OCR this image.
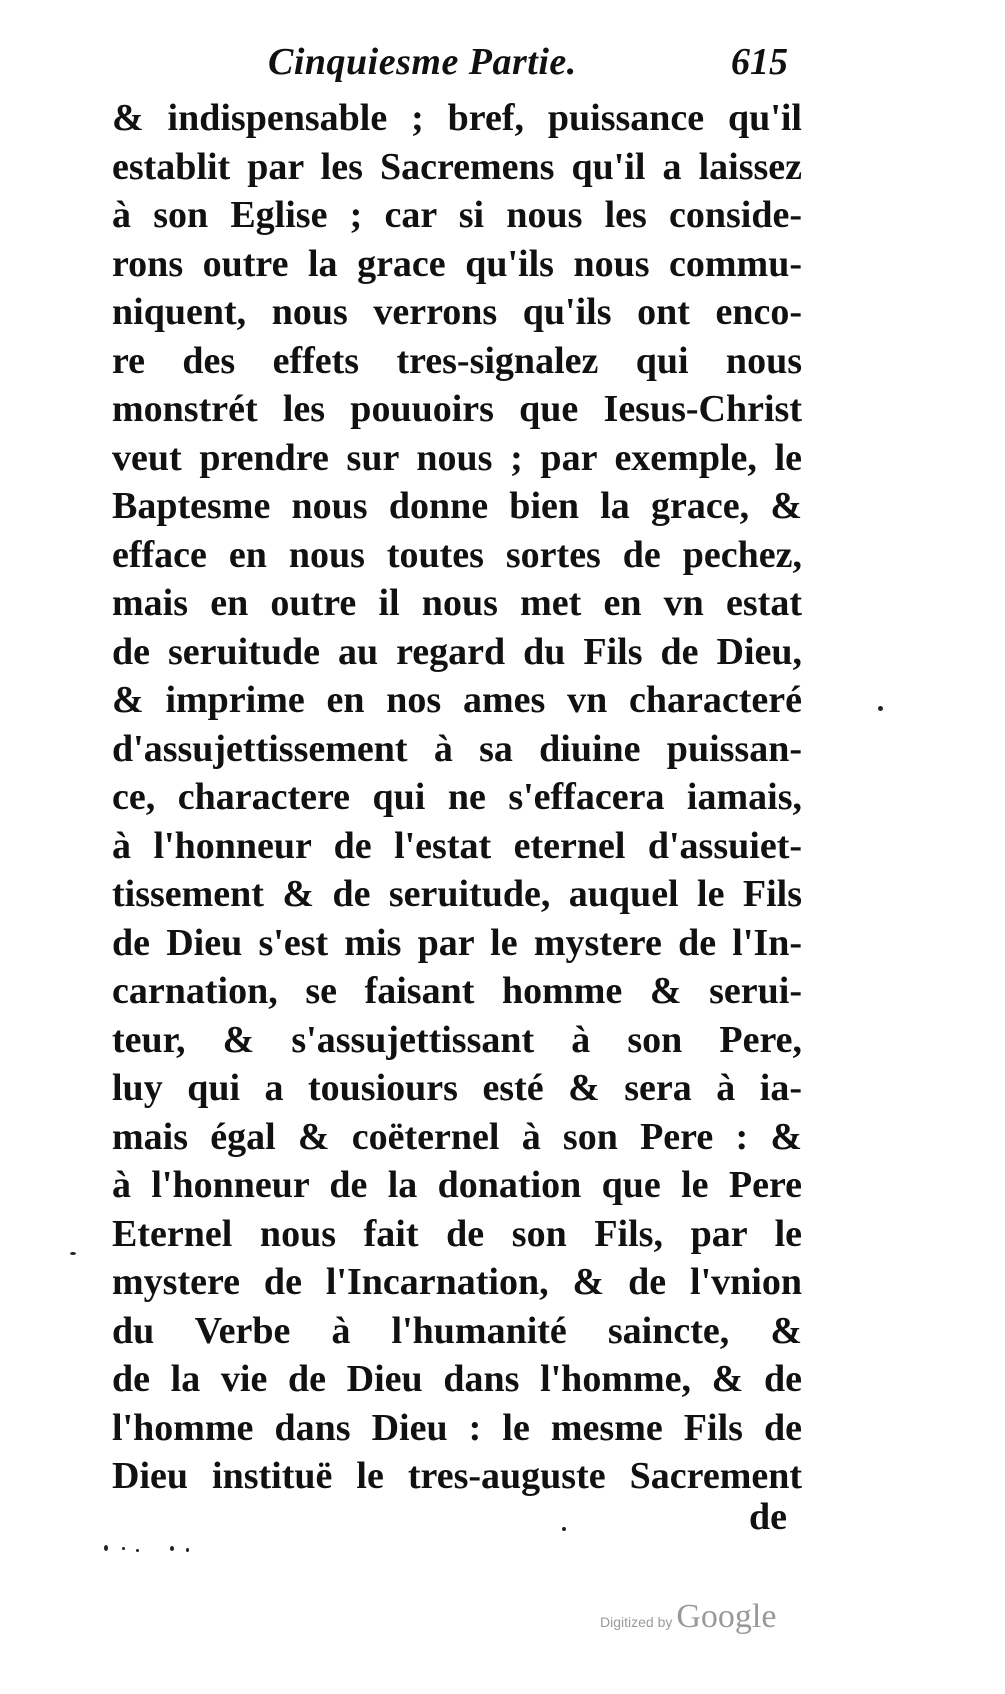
Cinquiesme Partie.	615
& indispensable ; bref, puissance qu'il
establit par les Sacremens qu'il a laissez
à son Eglise ; car si nous les conside-
rons outre la grace qu'ils nous commu-
niquent, nous verrons qu'ils ont enco-
re des effets tres-signalez qui nous
monstrét les pouuoirs que Iesus-Christ
veut prendre sur nous ; par exemple, le
Baptesme nous donne bien la grace, &
efface en nous toutes sortes de pechez,
mais en outre il nous met en vn estat
de seruitude au regard du Fils de Dieu,
& imprime en nos ames vn characteré
d'assujettissement à sa diuine puissan-
ce, charactere qui ne s'effacera iamais,
à l'honneur de l'estat eternel d'assuiet-
tissement & de seruitude, auquel le Fils
de Dieu s'est mis par le mystere de l'In-
carnation, se faisant homme & serui-
teur, & s'assujettissant à son Pere,
luy qui a tousiours esté & sera à ia-
mais égal & coëternel à son Pere : &
à l'honneur de la donation que le Pere
Eternel nous fait de son Fils, par le
mystere de l'Incarnation, & de l'vnion
du Verbe à l'humanité saincte, &
de la vie de Dieu dans l'homme, & de
l'homme dans Dieu : le mesme Fils de
Dieu instituë le tres-auguste Sacrement
de
Digitized by Google
